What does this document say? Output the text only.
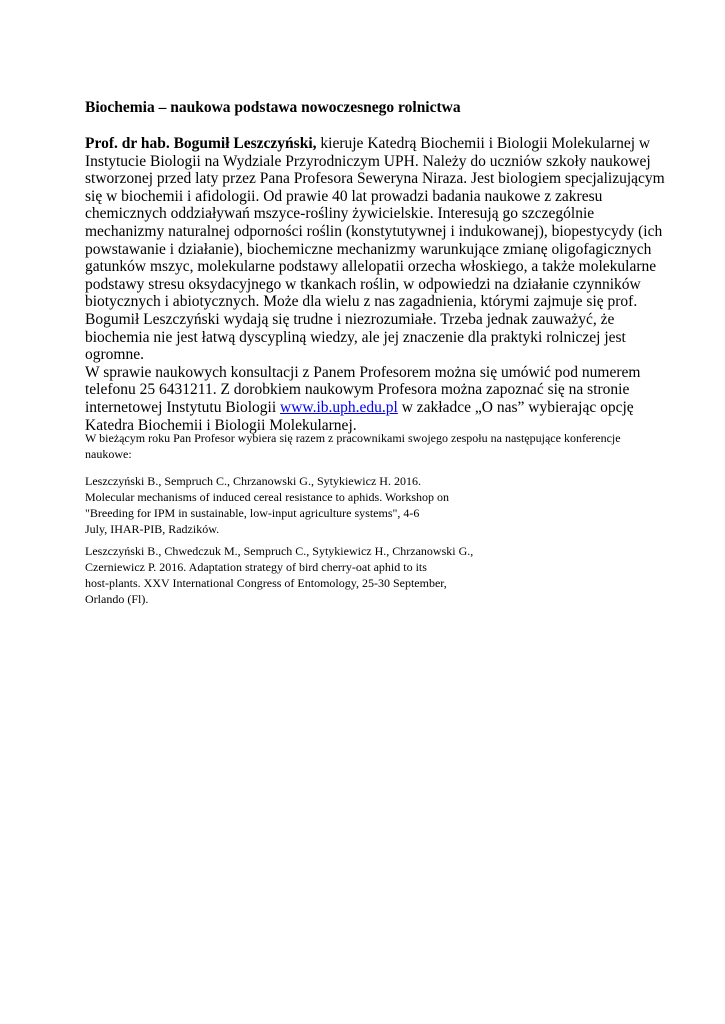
Biochemia – naukowa podstawa nowoczesnego rolnictwa
Prof. dr hab. Bogumił Leszczyński, kieruje Katedrą Biochemii i Biologii Molekularnej w
Instytucie Biologii na Wydziale Przyrodniczym UPH. Należy do uczniów szkoły naukowej
stworzonej przed laty przez Pana Profesora Seweryna Niraza. Jest biologiem specjalizującym
się w biochemii i afidologii. Od prawie 40 lat prowadzi badania naukowe z zakresu
chemicznych oddziaływań mszyce-rośliny żywicielskie. Interesują go szczególnie
mechanizmy naturalnej odporności roślin (konstytutywnej i indukowanej), biopestycydy (ich
powstawanie i działanie), biochemiczne mechanizmy warunkujące zmianę oligofagicznych
gatunków mszyc, molekularne podstawy allelopatii orzecha włoskiego, a także molekularne
podstawy stresu oksydacyjnego w tkankach roślin, w odpowiedzi na działanie czynników
biotycznych i abiotycznych. Może dla wielu z nas zagadnienia, którymi zajmuje się prof.
Bogumił Leszczyński wydają się trudne i niezrozumiałe. Trzeba jednak zauważyć, że
biochemia nie jest łatwą dyscypliną wiedzy, ale jej znaczenie dla praktyki rolniczej jest
ogromne.
W sprawie naukowych konsultacji z Panem Profesorem można się umówić pod numerem
telefonu 25 6431211. Z dorobkiem naukowym Profesora można zapoznać się na stronie
internetowej Instytutu Biologii www.ib.uph.edu.pl w zakładce „O nas” wybierając opcję
Katedra Biochemii i Biologii Molekularnej.
W bieżącym roku Pan Profesor wybiera się razem z pracownikami swojego zespołu na następujące konferencje
naukowe:
Leszczyński B., Sempruch C., Chrzanowski G., Sytykiewicz H. 2016.
Molecular mechanisms of induced cereal resistance to aphids. Workshop on
"Breeding for IPM in sustainable, low-input agriculture systems", 4-6
July, IHAR-PIB, Radzików.
Leszczyński B., Chwedczuk M., Sempruch C., Sytykiewicz H., Chrzanowski G.,
Czerniewicz P. 2016. Adaptation strategy of bird cherry-oat aphid to its
host-plants. XXV International Congress of Entomology, 25-30 September,
Orlando (Fl).
